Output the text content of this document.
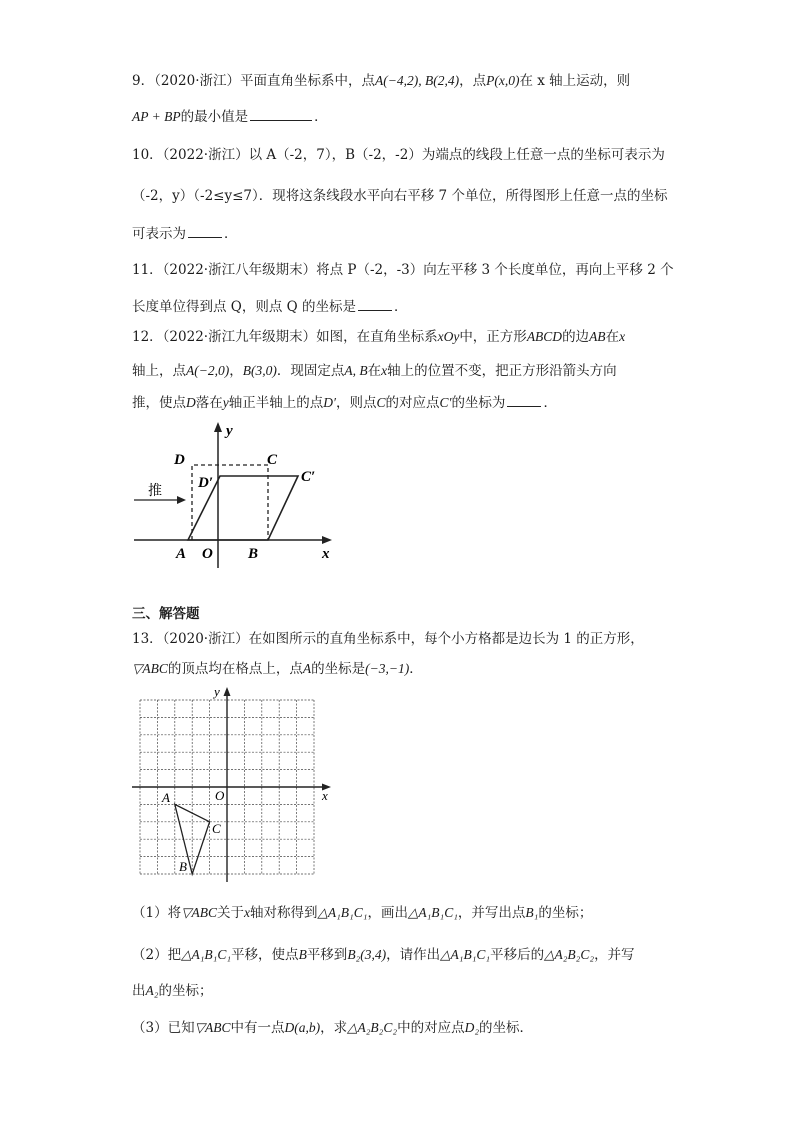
9．（2020·浙江）平面直角坐标系中，点A(−4,2), B(2,4)，点P(x,0)在 x 轴上运动，则
AP + BP的最小值是	．
10．（2022·浙江）以 A（-2，7），B（-2，-2）为端点的线段上任意一点的坐标可表示为
（-2，y）（-2≤y≤7）．现将这条线段水平向右平移 7 个单位，所得图形上任意一点的坐标
可表示为	．
11．（2022·浙江八年级期末）将点 P（-2，-3）向左平移 3 个长度单位，再向上平移 2 个
长度单位得到点 Q，则点 Q 的坐标是	．
12．（2022·浙江九年级期末）如图，在直角坐标系xOy中，正方形ABCD的边AB在x
轴上，点A(−2,0)，B(3,0)．现固定点A, B在x轴上的位置不变，把正方形沿箭头方向
推，使点D落在y轴正半轴上的点D′，则点C的对应点C′的坐标为	．
y
x
D	C
D′	C′
A O B
推
三、解答题
13．（2020·浙江）在如图所示的直角坐标系中，每个小方格都是边长为 1 的正方形，
▽ABC的顶点均在格点上，点A的坐标是(−3,−1)．
y
x
O
A
B
C
（1）将▽ABC关于x轴对称得到△A₁B₁C₁，画出△A₁B₁C₁，并写出点B₁的坐标；
（2）把△A₁B₁C₁平移，使点B平移到B₂(3,4)，请作出△A₁B₁C₁平移后的△A₂B₂C₂，并写
出A₂的坐标；
（3）已知▽ABC中有一点D(a,b)，求△A₂B₂C₂中的对应点D₂的坐标．
